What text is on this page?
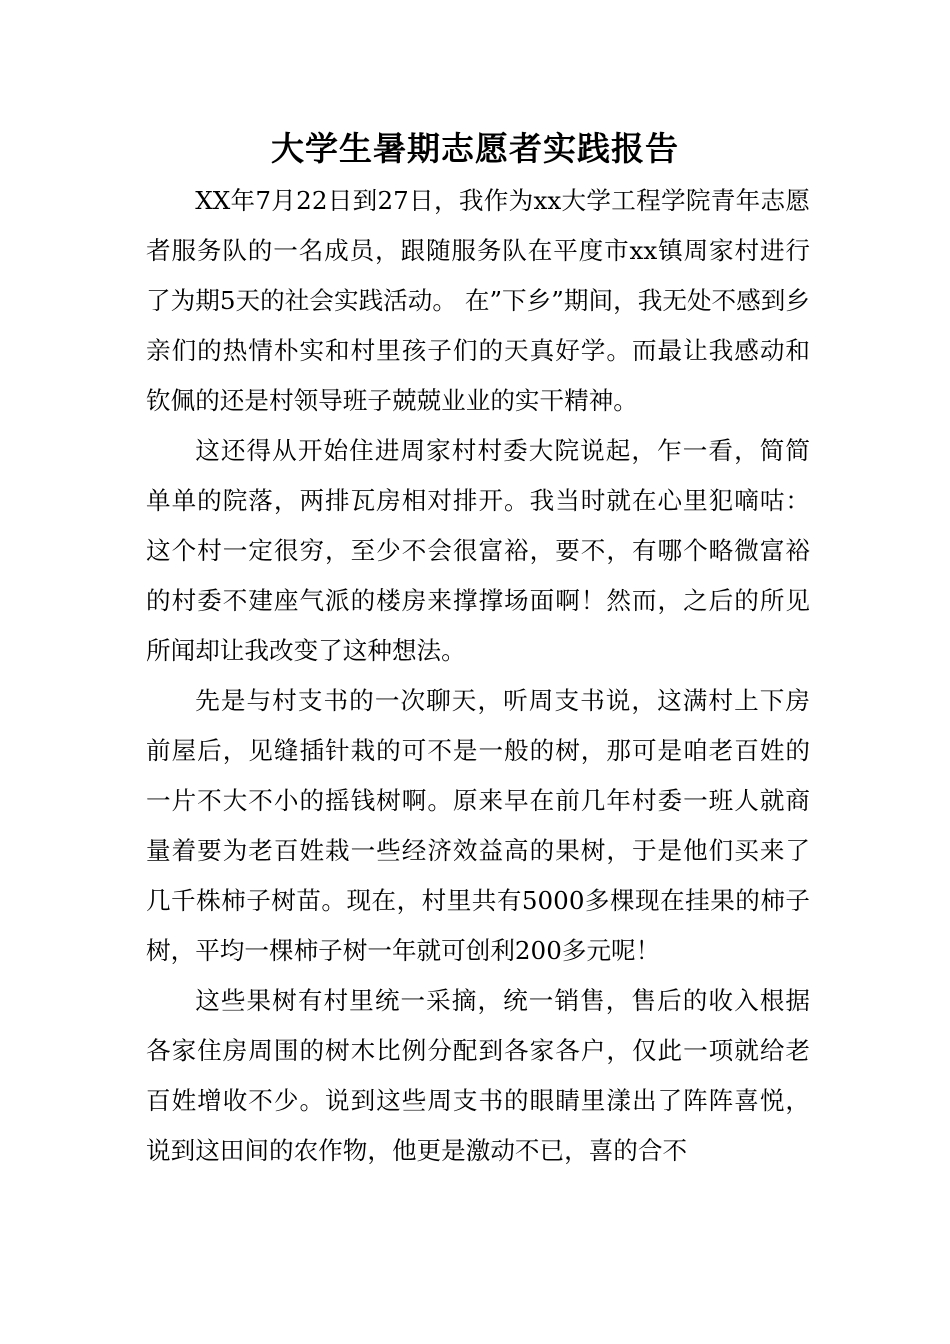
大学生暑期志愿者实践报告

XX年7月22日到27日，我作为xx大学工程学院青年志愿者服务队的一名成员，跟随服务队在平度市xx镇周家村进行了为期5天的社会实践活动。 在”下乡”期间，我无处不感到乡亲们的热情朴实和村里孩子们的天真好学。而最让我感动和钦佩的还是村领导班子兢兢业业的实干精神。

这还得从开始住进周家村村委大院说起，乍一看，简简单单的院落，两排瓦房相对排开。我当时就在心里犯嘀咕：这个村一定很穷，至少不会很富裕，要不，有哪个略微富裕的村委不建座气派的楼房来撑撑场面啊！然而，之后的所见所闻却让我改变了这种想法。

先是与村支书的一次聊天，听周支书说，这满村上下房前屋后，见缝插针栽的可不是一般的树，那可是咱老百姓的一片不大不小的摇钱树啊。原来早在前几年村委一班人就商量着要为老百姓栽一些经济效益高的果树，于是他们买来了几千株柿子树苗。现在，村里共有5000多棵现在挂果的柿子树，平均一棵柿子树一年就可创利200多元呢！

这些果树有村里统一采摘，统一销售，售后的收入根据各家住房周围的树木比例分配到各家各户，仅此一项就给老百姓增收不少。说到这些周支书的眼睛里漾出了阵阵喜悦，说到这田间的农作物，他更是激动不已，喜的合不
